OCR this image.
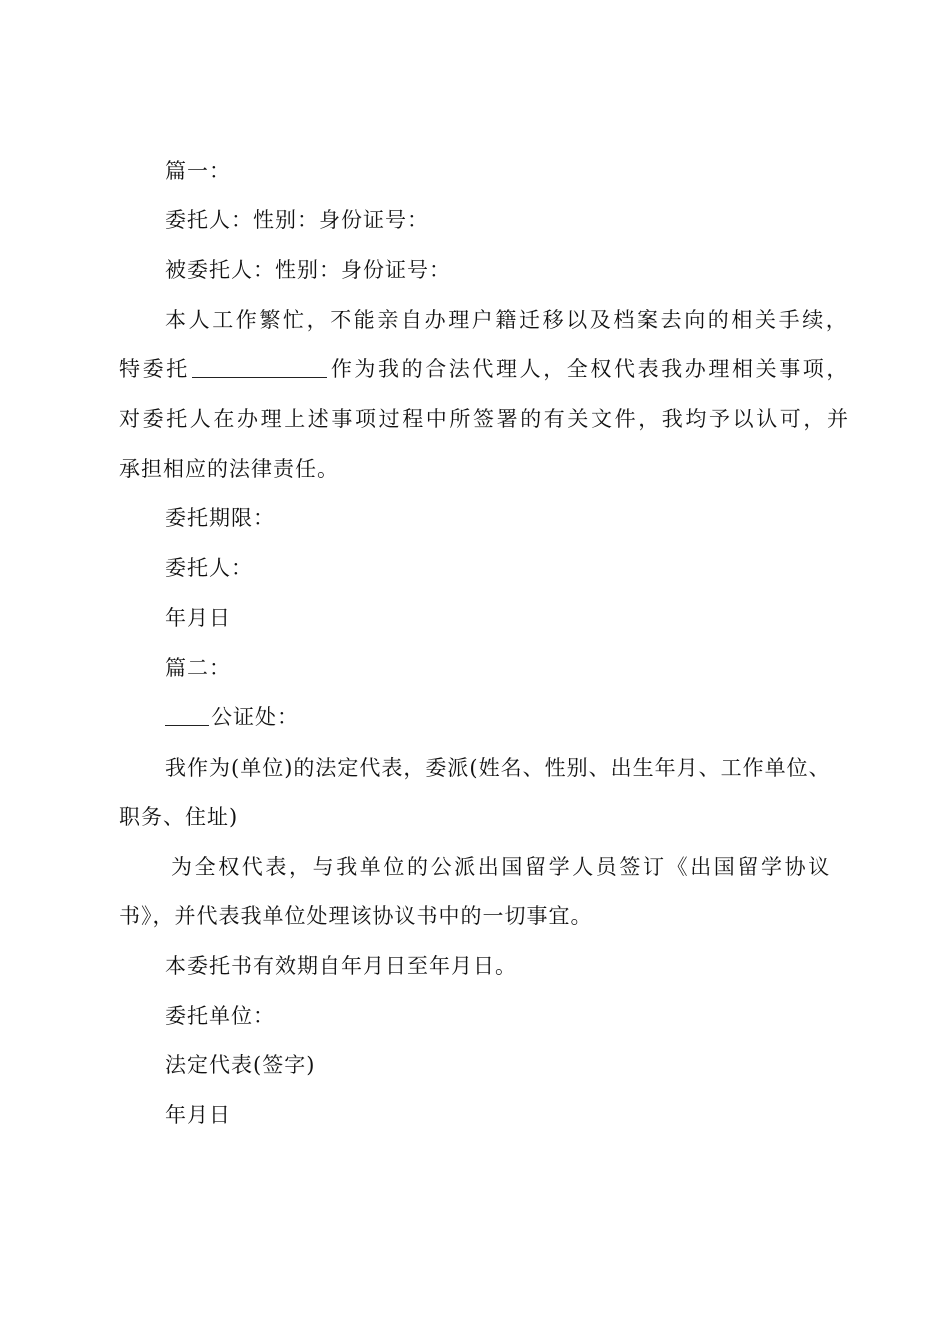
篇一：

委托人：性别：身份证号：

被委托人：性别：身份证号：

本人工作繁忙，不能亲自办理户籍迁移以及档案去向的相关手续，

特委托	作为我的合法代理人，全权代表我办理相关事项，

对委托人在办理上述事项过程中所签署的有关文件，我均予以认可，并

承担相应的法律责任。

委托期限：

委托人：

年月日

篇二：

公证处：

我作为(单位)的法定代表，委派(姓名、性别、出生年月、工作单位、

职务、住址)

为全权代表，与我单位的公派出国留学人员签订《出国留学协议

书》，并代表我单位处理该协议书中的一切事宜。

本委托书有效期自年月日至年月日。

委托单位：

法定代表(签字)

年月日
